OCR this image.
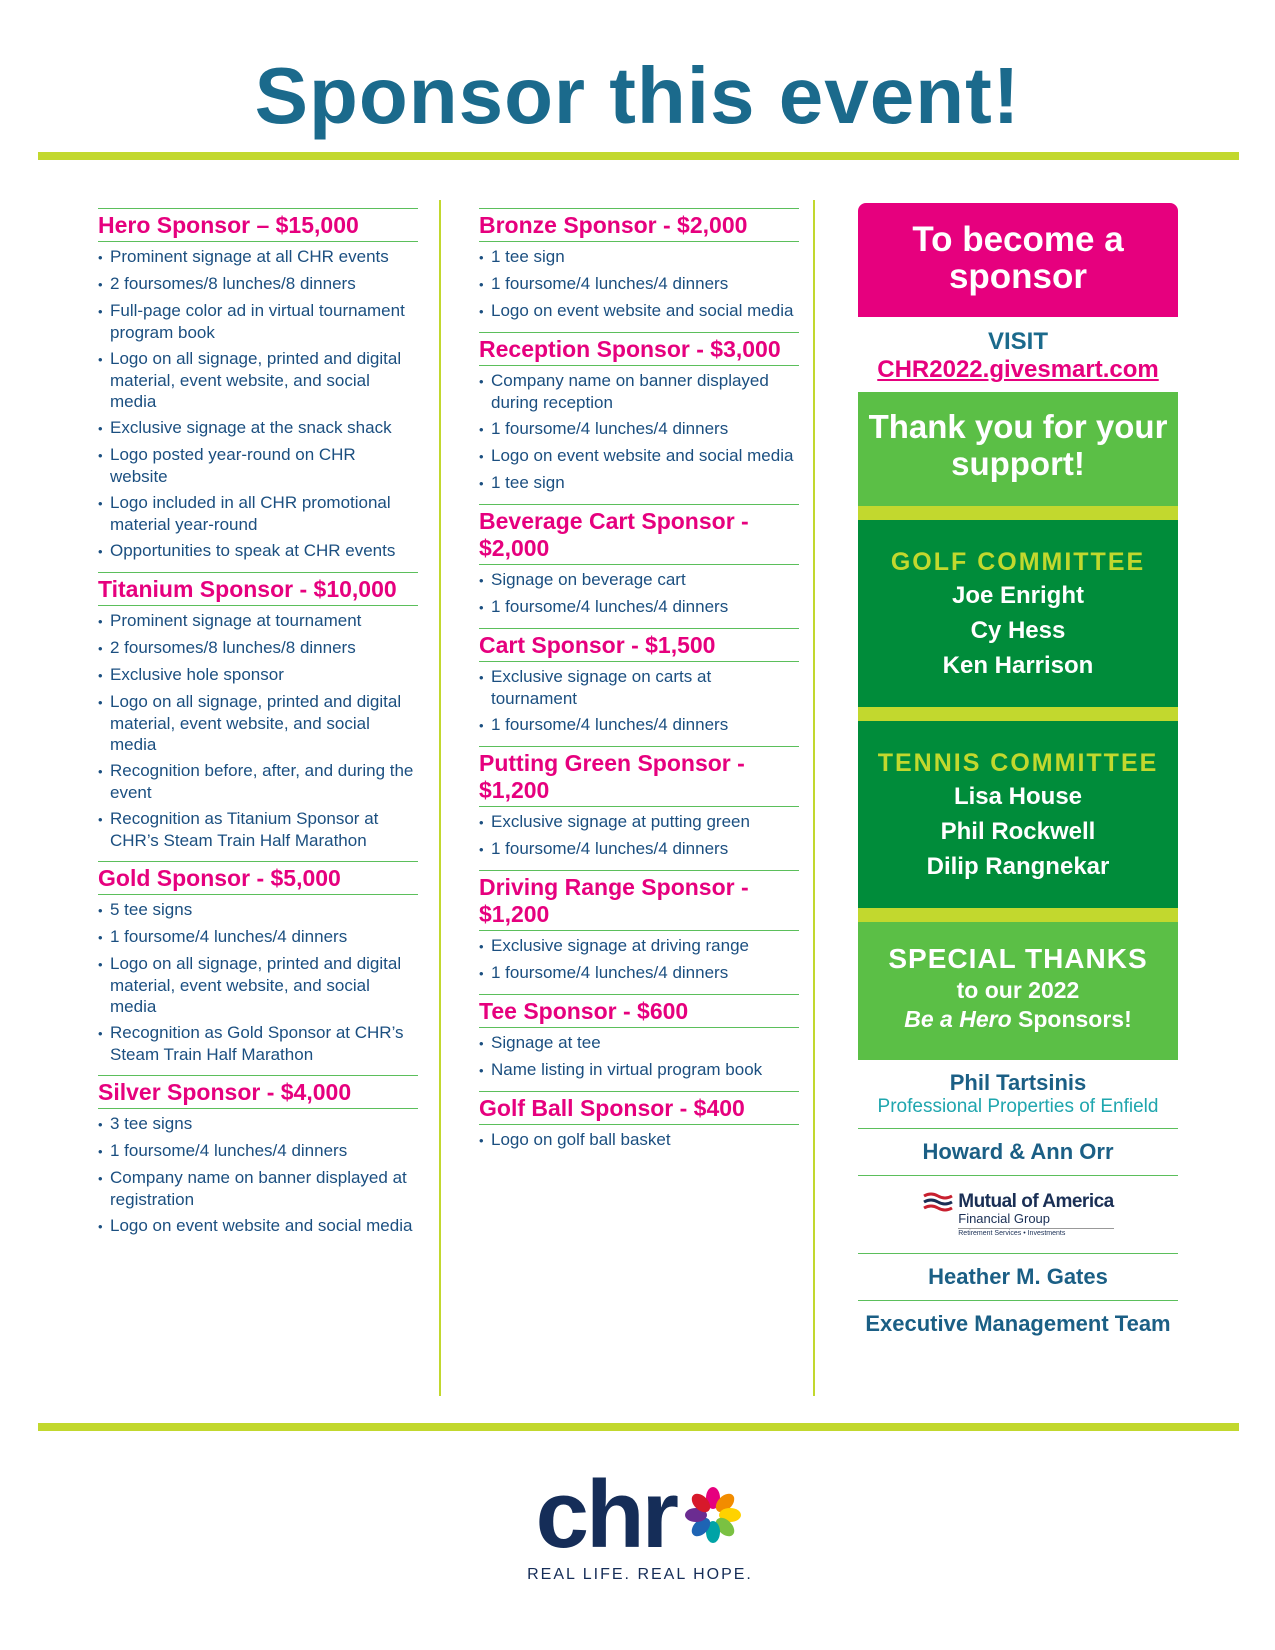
Sponsor this event!
Hero Sponsor – $15,000
• Prominent signage at all CHR events
• 2 foursomes/8 lunches/8 dinners
• Full-page color ad in virtual tournament program book
• Logo on all signage, printed and digital material, event website, and social media
• Exclusive signage at the snack shack
• Logo posted year-round on CHR website
• Logo included in all CHR promotional material year-round
• Opportunities to speak at CHR events
Titanium Sponsor - $10,000
• Prominent signage at tournament
• 2 foursomes/8 lunches/8 dinners
• Exclusive hole sponsor
• Logo on all signage, printed and digital material, event website, and social media
• Recognition before, after, and during the event
• Recognition as Titanium Sponsor at CHR’s Steam Train Half Marathon
Gold Sponsor - $5,000
• 5 tee signs
• 1 foursome/4 lunches/4 dinners
• Logo on all signage, printed and digital material, event website, and social media
• Recognition as Gold Sponsor at CHR’s Steam Train Half Marathon
Silver Sponsor - $4,000
• 3 tee signs
• 1 foursome/4 lunches/4 dinners
• Company name on banner displayed at registration
• Logo on event website and social media
Bronze Sponsor - $2,000
• 1 tee sign
• 1 foursome/4 lunches/4 dinners
• Logo on event website and social media
Reception Sponsor - $3,000
• Company name on banner displayed during reception
• 1 foursome/4 lunches/4 dinners
• Logo on event website and social media
• 1 tee sign
Beverage Cart Sponsor - $2,000
• Signage on beverage cart
• 1 foursome/4 lunches/4 dinners
Cart Sponsor - $1,500
• Exclusive signage on carts at tournament
• 1 foursome/4 lunches/4 dinners
Putting Green Sponsor - $1,200
• Exclusive signage at putting green
• 1 foursome/4 lunches/4 dinners
Driving Range Sponsor - $1,200
• Exclusive signage at driving range
• 1 foursome/4 lunches/4 dinners
Tee Sponsor - $600
• Signage at tee
• Name listing in virtual program book
Golf Ball Sponsor - $400
• Logo on golf ball basket
To become a sponsor
VISIT
CHR2022.givesmart.com
Thank you for your support!
GOLF COMMITTEE
Joe Enright
Cy Hess
Ken Harrison
TENNIS COMMITTEE
Lisa House
Phil Rockwell
Dilip Rangnekar
SPECIAL THANKS
to our 2022
Be a Hero Sponsors!
Phil Tartsinis
Professional Properties of Enfield
Howard & Ann Orr
Mutual of America
Financial Group
Retirement Services • Investments
Heather M. Gates
Executive Management Team
chr
REAL LIFE. REAL HOPE.
